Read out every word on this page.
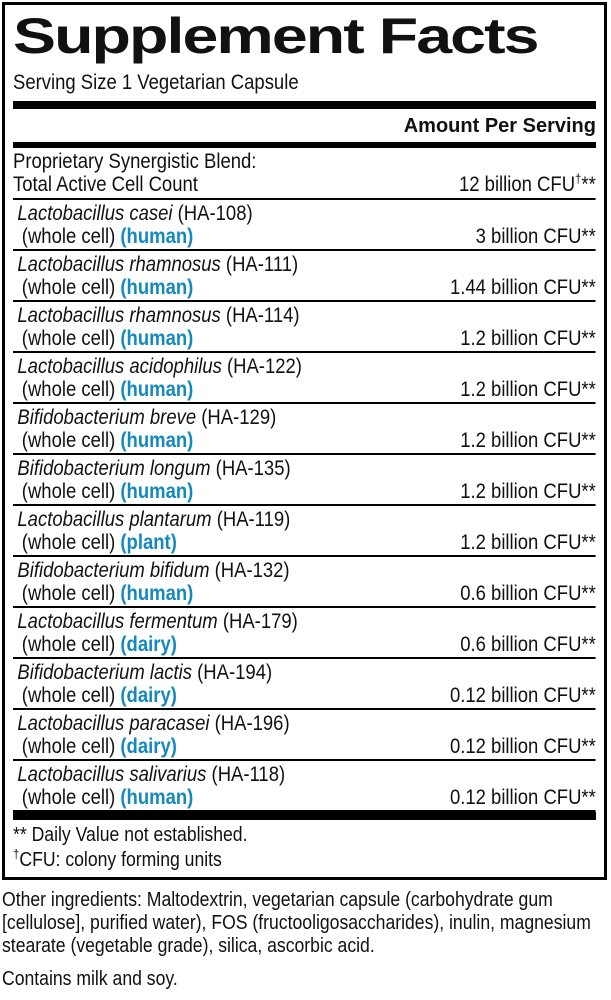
Supplement Facts
Serving Size 1 Vegetarian Capsule
Amount Per Serving
Proprietary Synergistic Blend:
Total Active Cell Count	12 billion CFU†**
Lactobacillus casei (HA-108)
(whole cell) (human)	3 billion CFU**
Lactobacillus rhamnosus (HA-111)
(whole cell) (human)	1.44 billion CFU**
Lactobacillus rhamnosus (HA-114)
(whole cell) (human)	1.2 billion CFU**
Lactobacillus acidophilus (HA-122)
(whole cell) (human)	1.2 billion CFU**
Bifidobacterium breve (HA-129)
(whole cell) (human)	1.2 billion CFU**
Bifidobacterium longum (HA-135)
(whole cell) (human)	1.2 billion CFU**
Lactobacillus plantarum (HA-119)
(whole cell) (plant)	1.2 billion CFU**
Bifidobacterium bifidum (HA-132)
(whole cell) (human)	0.6 billion CFU**
Lactobacillus fermentum (HA-179)
(whole cell) (dairy)	0.6 billion CFU**
Bifidobacterium lactis (HA-194)
(whole cell) (dairy)	0.12 billion CFU**
Lactobacillus paracasei (HA-196)
(whole cell) (dairy)	0.12 billion CFU**
Lactobacillus salivarius (HA-118)
(whole cell) (human)	0.12 billion CFU**
** Daily Value not established.
†CFU: colony forming units
Other ingredients: Maltodextrin, vegetarian capsule (carbohydrate gum [cellulose], purified water), FOS (fructooligosaccharides), inulin, magnesium stearate (vegetable grade), silica, ascorbic acid.
Contains milk and soy.
